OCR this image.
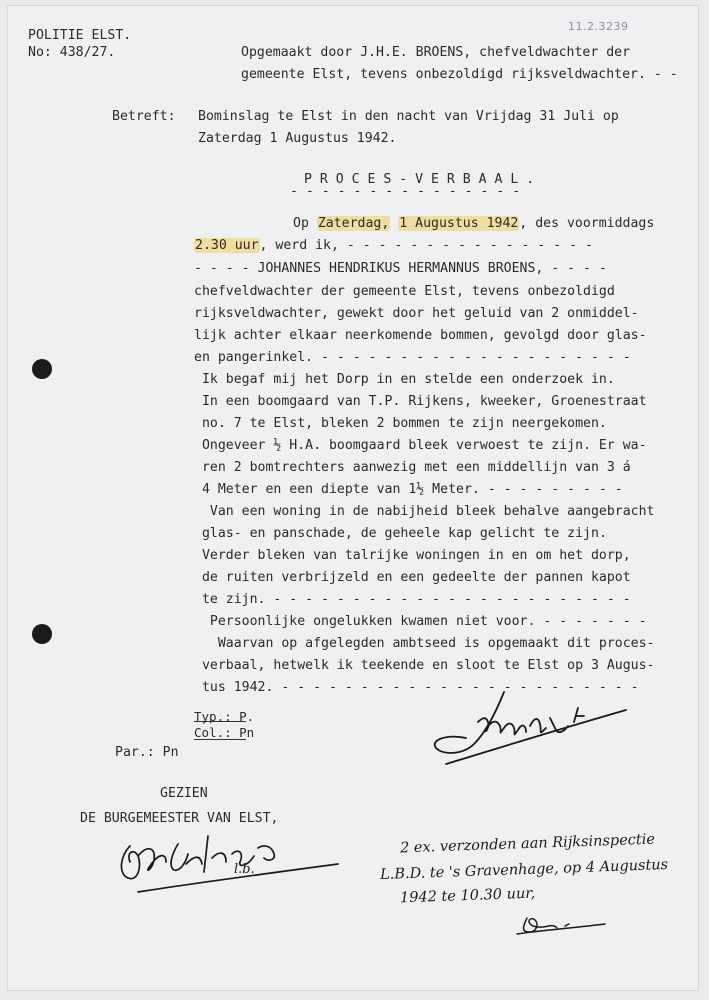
11.2.3239
POLITIE ELST.
No: 438/27.	Opgemaakt door J.H.E. BROENS, chefveldwachter der
gemeente Elst, tevens onbezoldigd rijksveldwachter. - -
Betreft: Bominslag te Elst in den nacht van Vrijdag 31 Juli op
Zaterdag 1 Augustus 1942.
P R O C E S - V E R B A A L .
- - - - - - - - - - - - - - -
Op Zaterdag, 1 Augustus 1942, des voormiddags
2.30 uur, werd ik, - - - - - - - - - - - - - - - -
- - - - JOHANNES HENDRIKUS HERMANNUS BROENS, - - - -
chefveldwachter der gemeente Elst, tevens onbezoldigd
rijksveldwachter, gewekt door het geluid van 2 onmiddel-
lijk achter elkaar neerkomende bommen, gevolgd door glas-
en pangerinkel. - - - - - - - - - - - - - - - - - - - -
Ik begaf mij het Dorp in en stelde een onderzoek in.
In een boomgaard van T.P. Rijkens, kweeker, Groenestraat
no. 7 te Elst, bleken 2 bommen te zijn neergekomen.
Ongeveer ½ H.A. boomgaard bleek verwoest te zijn. Er wa-
ren 2 bomtrechters aanwezig met een middellijn van 3 á
4 Meter en een diepte van 1½ Meter. - - - - - - - - -
Van een woning in de nabijheid bleek behalve aangebracht
glas- en panschade, de geheele kap gelicht te zijn.
Verder bleken van talrijke woningen in en om het dorp,
de ruiten verbrijzeld en een gedeelte der pannen kapot
te zijn. - - - - - - - - - - - - - - - - - - - - - - -
Persoonlijke ongelukken kwamen niet voor. - - - - - - -
Waarvan op afgelegden ambtseed is opgemaakt dit proces-
verbaal, hetwelk ik teekende en sloot te Elst op 3 Augus-
tus 1942. - - - - - - - - - - - - - - - - - - - - - - -
Typ.: P.
Col.: Pn
Par.: Pn
GEZIEN
DE BURGEMEESTER VAN ELST,
l.b.
2 ex. verzonden aan Rijksinspectie
L.B.D. te 's Gravenhage, op 4 Augustus
1942 te 10.30 uur,
